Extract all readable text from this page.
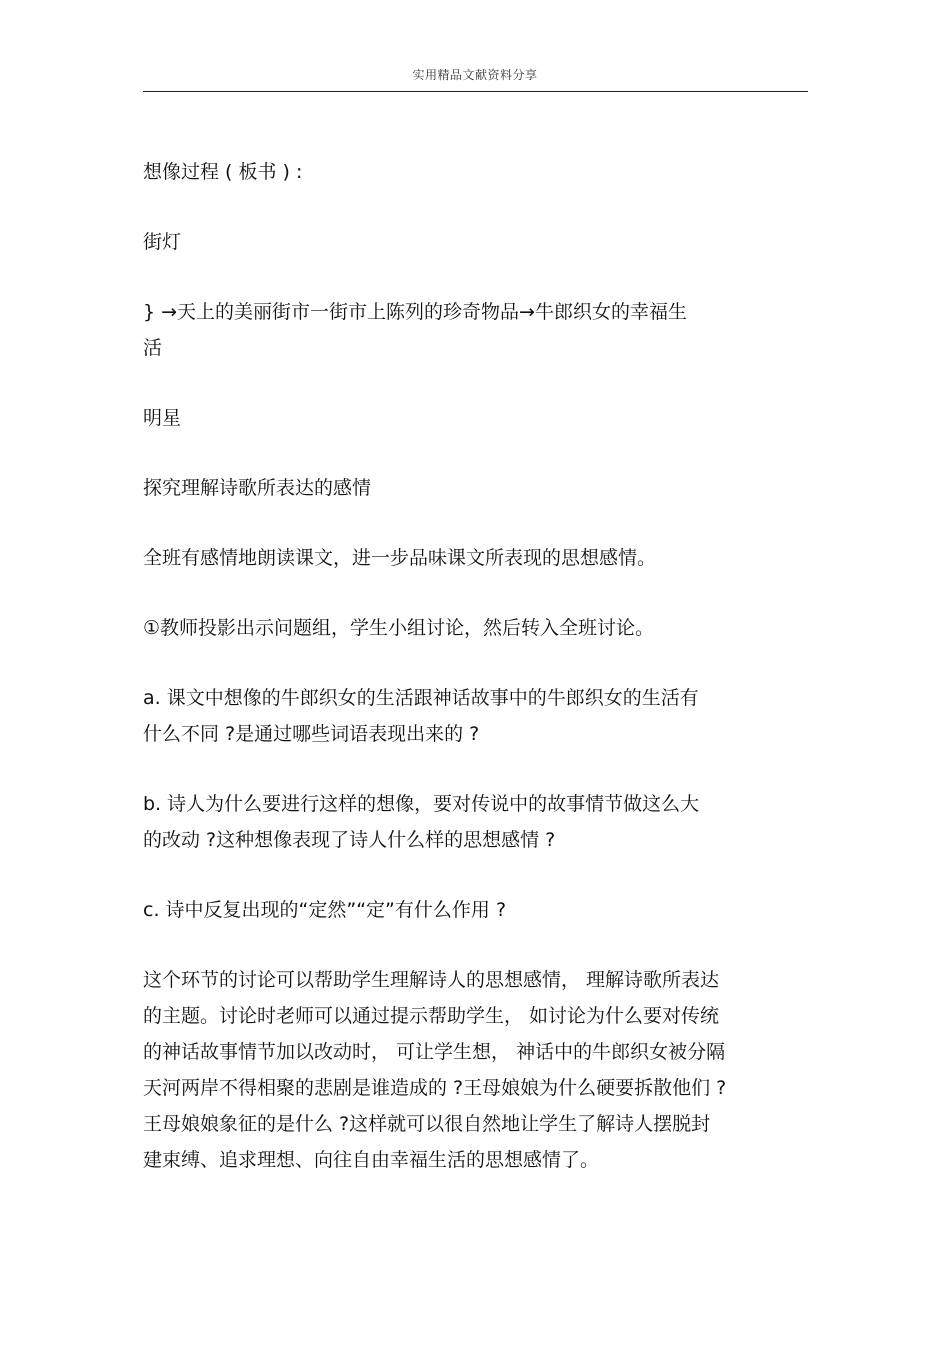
实用精品文献资料分享
想像过程 ( 板书 ) :
街灯
} →天上的美丽街市一街市上陈列的珍奇物品→牛郎织女的幸福生
活
明星
探究理解诗歌所表达的感情
全班有感情地朗读课文，进一步品味课文所表现的思想感情。
①教师投影出示问题组，学生小组讨论，然后转入全班讨论。
a. 课文中想像的牛郎织女的生活跟神话故事中的牛郎织女的生活有
什么不同 ?是通过哪些词语表现出来的 ?
b. 诗人为什么要进行这样的想像，要对传说中的故事情节做这么大
的改动 ?这种想像表现了诗人什么样的思想感情 ?
c. 诗中反复出现的“定然”“定”有什么作用 ?
这个环节的讨论可以帮助学生理解诗人的思想感情， 理解诗歌所表达
的主题。讨论时老师可以通过提示帮助学生， 如讨论为什么要对传统
的神话故事情节加以改动时， 可让学生想， 神话中的牛郎织女被分隔
天河两岸不得相聚的悲剧是谁造成的 ?王母娘娘为什么硬要拆散他们 ?
王母娘娘象征的是什么 ?这样就可以很自然地让学生了解诗人摆脱封
建束缚、追求理想、向往自由幸福生活的思想感情了。
